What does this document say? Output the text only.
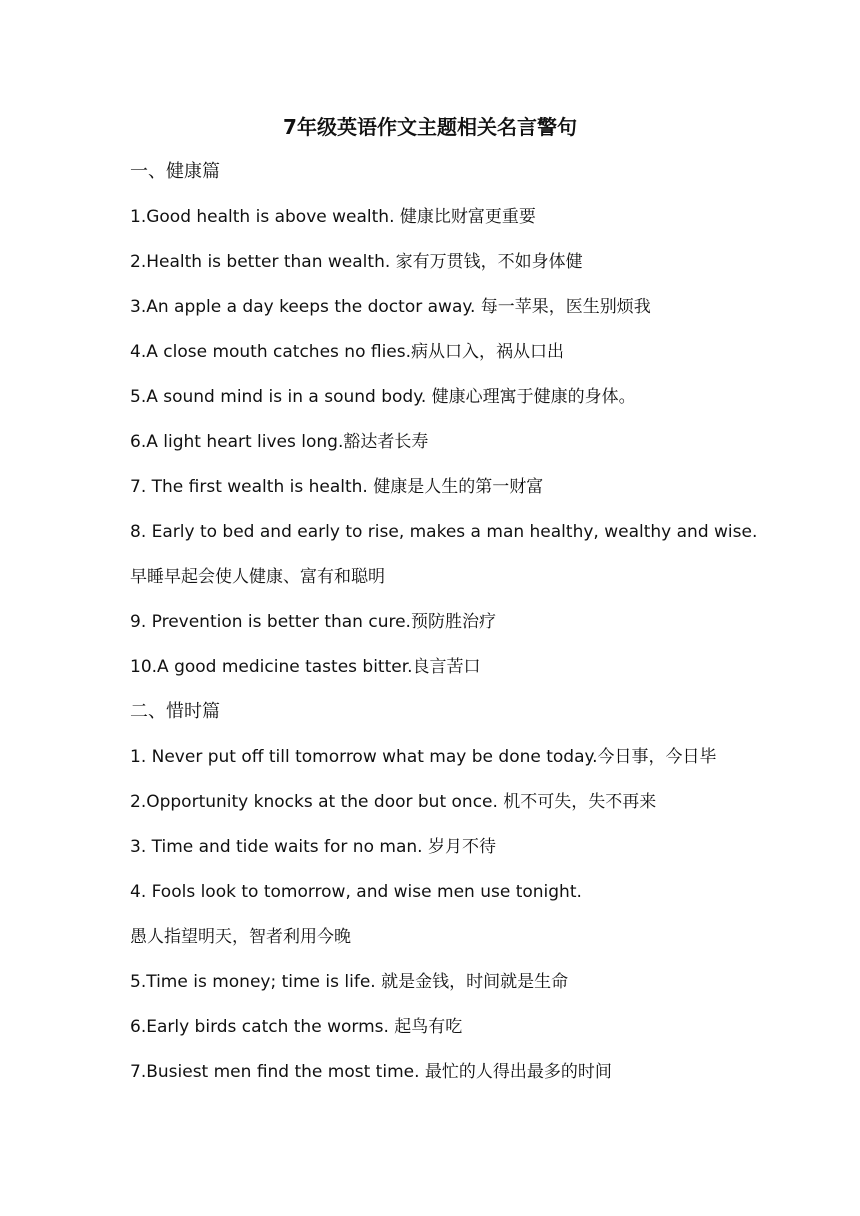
7年级英语作文主题相关名言警句
一、健康篇
1.Good health is above wealth. 健康比财富更重要
2.Health is better than wealth. 家有万贯钱，不如身体健
3.An apple a day keeps the doctor away. 每一苹果，医生别烦我
4.A close mouth catches no flies.病从口入，祸从口出
5.A sound mind is in a sound body. 健康心理寓于健康的身体。
6.A light heart lives long.豁达者长寿
7. The first wealth is health. 健康是人生的第一财富
8. Early to bed and early to rise, makes a man healthy, wealthy and wise.
早睡早起会使人健康、富有和聪明
9. Prevention is better than cure.预防胜治疗
10.A good medicine tastes bitter.良言苦口
二、惜时篇
1. Never put off till tomorrow what may be done today.今日事，今日毕
2.Opportunity knocks at the door but once. 机不可失，失不再来
3. Time and tide waits for no man. 岁月不待
4. Fools look to tomorrow, and wise men use tonight.
愚人指望明天，智者利用今晚
5.Time is money; time is life. 就是金钱，时间就是生命
6.Early birds catch the worms. 起鸟有吃
7.Busiest men find the most time. 最忙的人得出最多的时间
